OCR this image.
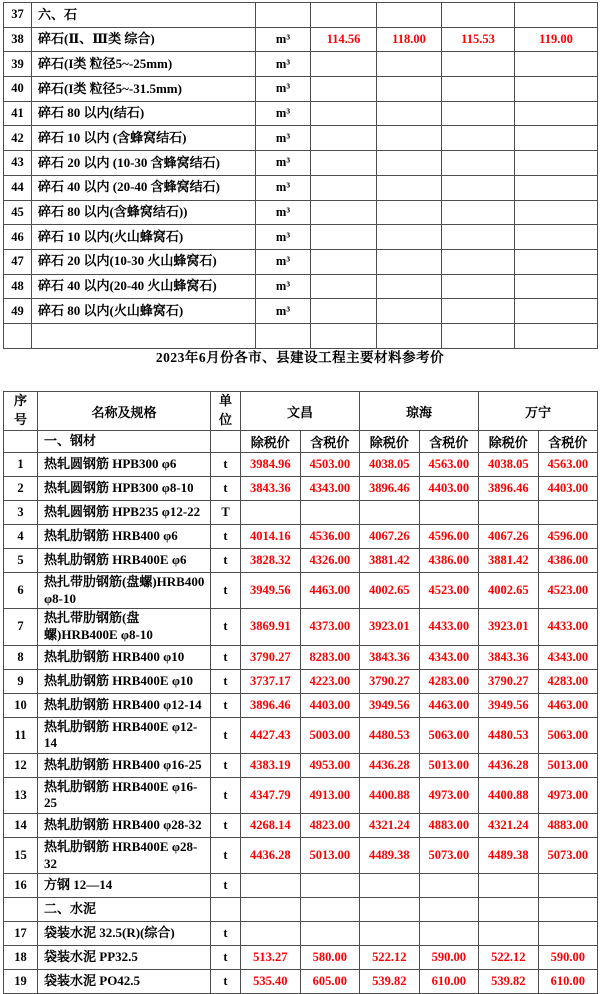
37	六、石					
38	碎石(Ⅱ、Ⅲ类 综合)	m³	114.56	118.00	115.53	119.00
39	碎石(I类 粒径5~-25mm)	m³				
40	碎石(I类 粒径5~-31.5mm)	m³				
41	碎石 80 以内(结石)	m³				
42	碎石 10 以内 (含蜂窝结石)	m³				
43	碎石 20 以内 (10-30 含蜂窝结石)	m³				
44	碎石 40 以内 (20-40 含蜂窝结石)	m³				
45	碎石 80 以内(含蜂窝结石))	m³				
46	碎石 10 以内(火山蜂窝石)	m³				
47	碎石 20 以内(10-30 火山蜂窝石)	m³				
48	碎石 40 以内(20-40 火山蜂窝石)	m³				
49	碎石 80 以内(火山蜂窝石)	m³				

2023年6月份各市、县建设工程主要材料参考价
序号	名称及规格	单位	文昌		琼海		万宁	
	一、钢材		除税价	含税价	除税价	含税价	除税价	含税价
1	热轧圆钢筋 HPB300 φ6	t	3984.96	4503.00	4038.05	4563.00	4038.05	4563.00
2	热轧圆钢筋 HPB300 φ8-10	t	3843.36	4343.00	3896.46	4403.00	3896.46	4403.00
3	热轧圆钢筋 HPB235 φ12-22	T						
4	热轧肋钢筋 HRB400 φ6	t	4014.16	4536.00	4067.26	4596.00	4067.26	4596.00
5	热轧肋钢筋 HRB400E φ6	t	3828.32	4326.00	3881.42	4386.00	3881.42	4386.00
6	热扎带肋钢筋(盘螺)HRB400 φ8-10	t	3949.56	4463.00	4002.65	4523.00	4002.65	4523.00
7	热扎带肋钢筋(盘螺)HRB400E φ8-10	t	3869.91	4373.00	3923.01	4433.00	3923.01	4433.00
8	热轧肋钢筋 HRB400 φ10	t	3790.27	8283.00	3843.36	4343.00	3843.36	4343.00
9	热轧肋钢筋 HRB400E φ10	t	3737.17	4223.00	3790.27	4283.00	3790.27	4283.00
10	热轧肋钢筋 HRB400 φ12-14	t	3896.46	4403.00	3949.56	4463.00	3949.56	4463.00
11	热轧肋钢筋 HRB400E φ12-14	t	4427.43	5003.00	4480.53	5063.00	4480.53	5063.00
12	热轧肋钢筋 HRB400 φ16-25	t	4383.19	4953.00	4436.28	5013.00	4436.28	5013.00
13	热轧肋钢筋 HRB400E φ16-25	t	4347.79	4913.00	4400.88	4973.00	4400.88	4973.00
14	热轧肋钢筋 HRB400 φ28-32	t	4268.14	4823.00	4321.24	4883.00	4321.24	4883.00
15	热轧肋钢筋 HRB400E φ28-32	t	4436.28	5013.00	4489.38	5073.00	4489.38	5073.00
16	方钢 12—14	t						
	二、水泥							
17	袋装水泥 32.5(R)(综合)	t						
18	袋装水泥 PP32.5	t	513.27	580.00	522.12	590.00	522.12	590.00
19	袋装水泥 PO42.5	t	535.40	605.00	539.82	610.00	539.82	610.00
